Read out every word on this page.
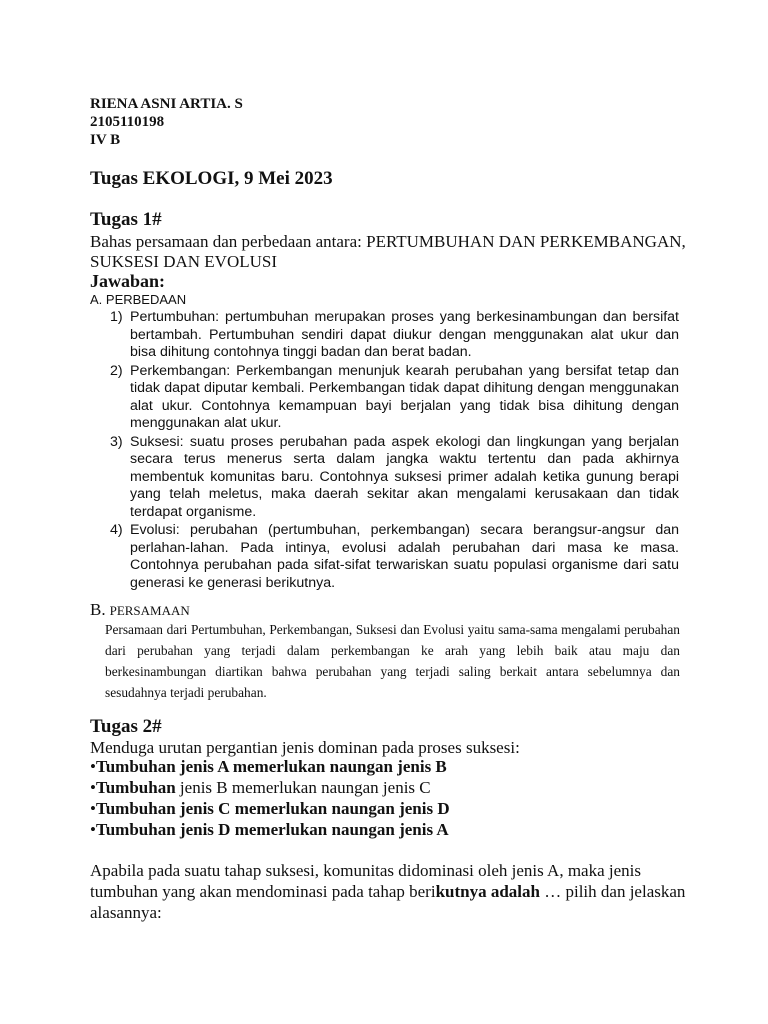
RIENA ASNI ARTIA. S
2105110198
IV B
Tugas EKOLOGI, 9 Mei 2023
Tugas 1#
Bahas persamaan dan perbedaan antara: PERTUMBUHAN DAN PERKEMBANGAN, SUKSESI DAN EVOLUSI
Jawaban:
A. PERBEDAAN
1) Pertumbuhan: pertumbuhan merupakan proses yang berkesinambungan dan bersifat bertambah. Pertumbuhan sendiri dapat diukur dengan menggunakan alat ukur dan bisa dihitung contohnya tinggi badan dan berat badan.
2) Perkembangan: Perkembangan menunjuk kearah perubahan yang bersifat tetap dan tidak dapat diputar kembali. Perkembangan tidak dapat dihitung dengan menggunakan alat ukur. Contohnya kemampuan bayi berjalan yang tidak bisa dihitung dengan menggunakan alat ukur.
3) Suksesi: suatu proses perubahan pada aspek ekologi dan lingkungan yang berjalan secara terus menerus serta dalam jangka waktu tertentu dan pada akhirnya membentuk komunitas baru. Contohnya suksesi primer adalah ketika gunung berapi yang telah meletus, maka daerah sekitar akan mengalami kerusakaan dan tidak terdapat organisme.
4) Evolusi: perubahan (pertumbuhan, perkembangan) secara berangsur-angsur dan perlahan-lahan. Pada intinya, evolusi adalah perubahan dari masa ke masa. Contohnya perubahan pada sifat-sifat terwariskan suatu populasi organisme dari satu generasi ke generasi berikutnya.
B. PERSAMAAN
Persamaan dari Pertumbuhan, Perkembangan, Suksesi dan Evolusi yaitu sama-sama mengalami perubahan dari perubahan yang terjadi dalam perkembangan ke arah yang lebih baik atau maju dan berkesinambungan diartikan bahwa perubahan yang terjadi saling berkait antara sebelumnya dan sesudahnya terjadi perubahan.
Tugas 2#
Menduga urutan pergantian jenis dominan pada proses suksesi:
•Tumbuhan jenis A memerlukan naungan jenis B
•Tumbuhan jenis B memerlukan naungan jenis C
•Tumbuhan jenis C memerlukan naungan jenis D
•Tumbuhan jenis D memerlukan naungan jenis A
Apabila pada suatu tahap suksesi, komunitas didominasi oleh jenis A, maka jenis tumbuhan yang akan mendominasi pada tahap berikutnya adalah … pilih dan jelaskan alasannya:
